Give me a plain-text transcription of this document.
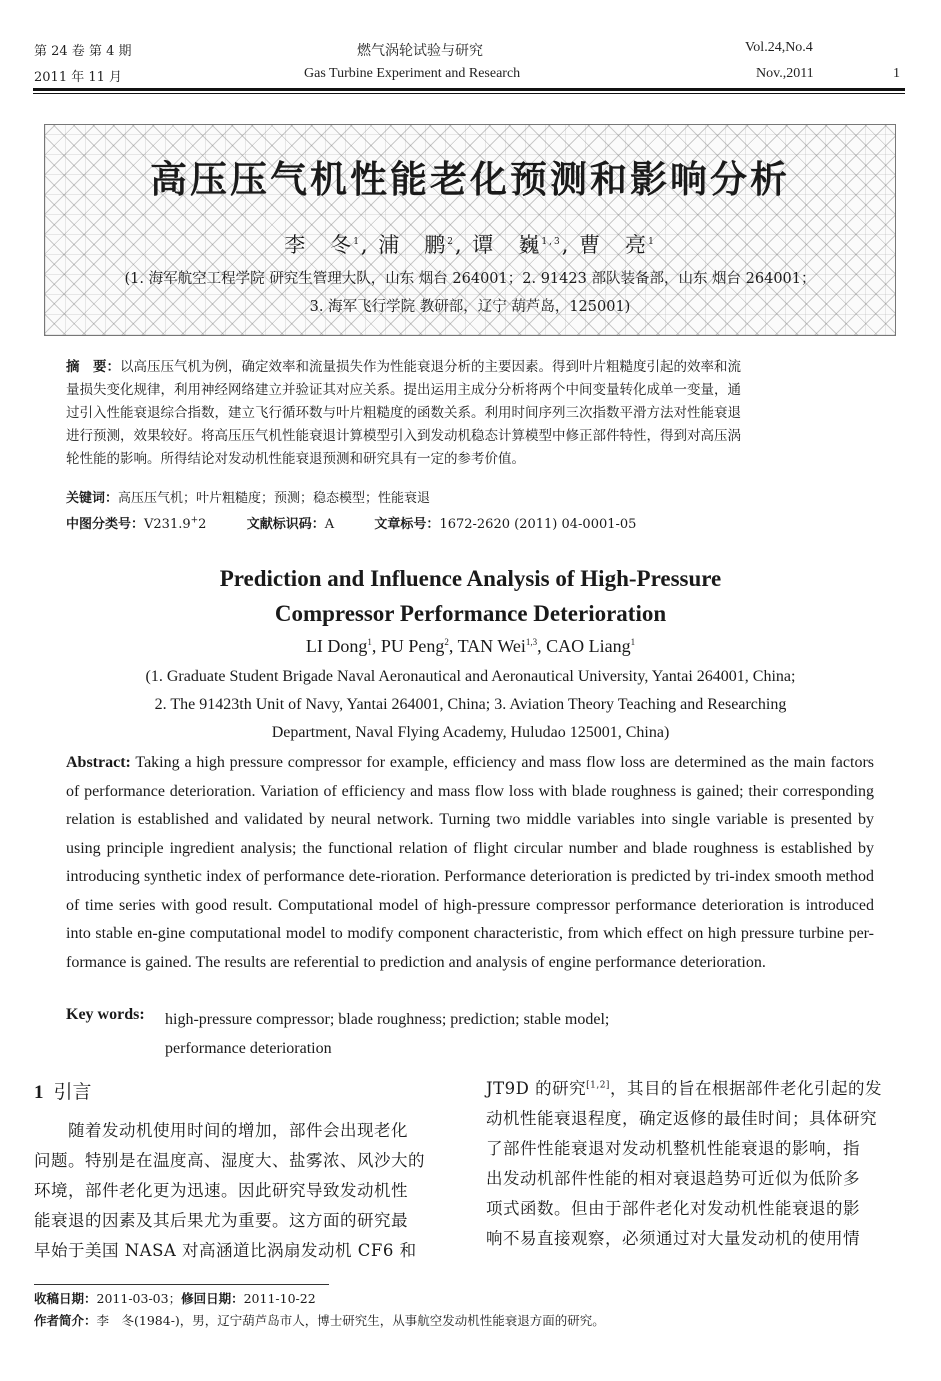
第 24 卷 第 4 期	燃气涡轮试验与研究	Vol.24,No.4
2011 年 11 月	Gas Turbine Experiment and Research	Nov.,2011	1
高压压气机性能老化预测和影响分析
李　冬$^1$, 浦　鹏$^2$, 谭　巍$^{1,3}$, 曹　亮$^1$
(1. 海军航空工程学院 研究生管理大队，山东 烟台 264001；2. 91423 部队装备部，山东 烟台 264001；
3. 海军飞行学院 教研部，辽宁 葫芦岛，125001)
摘　要：以高压压气机为例，确定效率和流量损失作为性能衰退分析的主要因素。得到叶片粗糙度引起的效率和流
量损失变化规律，利用神经网络建立并验证其对应关系。提出运用主成分分析将两个中间变量转化成单一变量，通
过引入性能衰退综合指数，建立飞行循环数与叶片粗糙度的函数关系。利用时间序列三次指数平滑方法对性能衰退
进行预测，效果较好。将高压压气机性能衰退计算模型引入到发动机稳态计算模型中修正部件特性，得到对高压涡
轮性能的影响。所得结论对发动机性能衰退预测和研究具有一定的参考价值。
关键词：高压压气机；叶片粗糙度；预测；稳态模型；性能衰退
中图分类号：V231.9+2	文献标识码：A	文章标号：1672-2620 (2011) 04-0001-05
Prediction and Influence Analysis of High-Pressure
Compressor Performance Deterioration
LI Dong$^1$, PU Peng$^2$, TAN Wei$^{1,3}$, CAO Liang$^1$
(1. Graduate Student Brigade Naval Aeronautical and Aeronautical University, Yantai 264001, China;
2. The 91423th Unit of Navy, Yantai 264001, China; 3. Aviation Theory Teaching and Researching
Department, Naval Flying Academy, Huludao 125001, China)
Abstract: Taking a high pressure compressor for example, efficiency and mass flow loss are determined as the main factors of performance deterioration. Variation of efficiency and mass flow loss with blade roughness is gained; their corresponding relation is established and validated by neural network. Turning two middle variables into single variable is presented by using principle ingredient analysis; the functional relation of flight circular number and blade roughness is established by introducing synthetic index of performance dete-rioration. Performance deterioration is predicted by tri-index smooth method of time series with good result. Computational model of high-pressure compressor performance deterioration is introduced into stable en-gine computational model to modify component characteristic, from which effect on high pressure turbine per-formance is gained. The results are referential to prediction and analysis of engine performance deterioration.
Key words: high-pressure compressor; blade roughness; prediction; stable model;
performance deterioration
1 引言
　　随着发动机使用时间的增加，部件会出现老化
问题。特别是在温度高、湿度大、盐雾浓、风沙大的
环境，部件老化更为迅速。因此研究导致发动机性
能衰退的因素及其后果尤为重要。这方面的研究最
早始于美国 NASA 对高涵道比涡扇发动机 CF6 和
JT9D 的研究[1,2]，其目的旨在根据部件老化引起的发
动机性能衰退程度，确定返修的最佳时间；具体研究
了部件性能衰退对发动机整机性能衰退的影响，指
出发动机部件性能的相对衰退趋势可近似为低阶多
项式函数。但由于部件老化对发动机性能衰退的影
响不易直接观察，必须通过对大量发动机的使用情
收稿日期：2011-03-03；修回日期：2011-10-22
作者简介：李　冬(1984-)，男，辽宁葫芦岛市人，博士研究生，从事航空发动机性能衰退方面的研究。
